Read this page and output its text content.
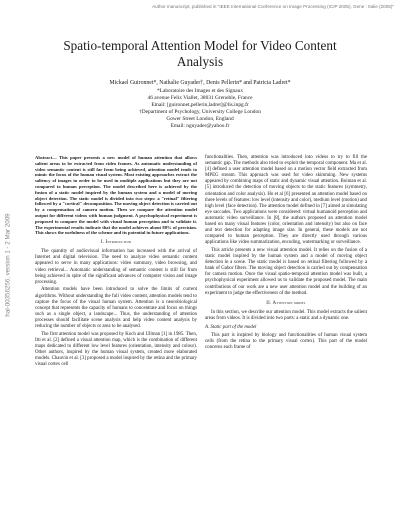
Author manuscript, published in "IEEE International Conference on Image Processing (ICIP 2005), Gene : Italie (2005)"
hal-00356256, version 1 - 2 Mar 2009
Spatio-temporal Attention Model for Video Content Analysis
Mickael Guironnet*, Nathalie Guyader†, Denis Pellerin* and Patricia Ladret*
*Laboratoire des Images et des Signaux
46 avenue Felix Viallet, 38031 Grenoble, France
Email: [guironnet,pellerin,ladret]@lis.inpg.fr
†Department of Psychology, University College London
Gower Street London, England
Email: nguyader@yahoo.fr

Abstract— This paper presents a new model of human attention that allows salient areas to be extracted from video frames. As automatic understanding of video semantic content is still far from being achieved, attention model tends to mimic the focus of the human visual system. Most existing approaches extract the saliency of images in order to be used in multiple applications but they are not compared to human perception. The model described here is achieved by the fusion of a static model inspired by the human system and a model of moving object detection. The static model is divided into two steps: a "retinal" filtering followed by a "cortical" decomposition. The moving object detection is carried out by a compensation of camera motion. Then we compare the attention model output for different videos with human judgment. A psychophysical experiment is proposed to compare the model with visual human perception and to validate it. The experimental results indicate that the model achieves about 88% of precision. This shows the usefulness of the scheme and its potential in future applications.

I. Introduction

The quantity of audiovisual information has increased with the arrival of Internet and digital television. The need to analyze video semantic content appeared to serve in many applications: video summary, video browsing, and video retrieval... Automatic understanding of semantic content is still far from being achieved in spite of the significant advances of computer vision and image processing.

Attention models have been introduced to solve the limits of current algorithms. Without understanding the full video content, attention models tend to capture the focus of the visual human system. Attention is a neurobiological concept that represents the capacity of humans to concentrate and focus on things such as a single object, a landscape... Thus, the understanding of attention processes should facilitate scene analysis and help video content analysis by reducing the number of objects or area to be analysed.

The first attention model was proposed by Koch and Ullman [1] in 1985. Then, Itti et al. [2] defined a visual attention map, which is the combination of different maps dedicated to different low level features (orientation, intensity and colour). Other authors, inspired by the human visual system, created more elaborated models. Chauvin et al. [3] proposed a model inspired by the retina and the primary visual cortex cell

functionalities. Then, attention was introduced into videos to try to fill the semantic gap. The methods also tried to exploit the temporal component. Ma et al. [4] defined a user attention model based on a motion vector field extracted from MPEG stream. This approach was used for video skimming. New systems appeared by combining maps of static and dynamic visual attention. Boiman et al. [5] introduced the detection of moving objects to the static features (symmetry, orientation and color analysis). Ho et al [6] presented an attention model based on three levels of features: low level (intensity and color), medium level (motion) and high level (face detection). The attention model defined in [7] aimed at simulating eye saccades. Two applications were considered: virtual humanoid perception and automatic video surveillance. In [8], the authors proposed an attention model based on many visual features (color, orientation and intensity) but also on face and text detection for adapting image size. In general, these models are not compared to human perception. They are directly used through various applications like video summarization, encoding, watermarking or surveillance.

This article presents a new visual attention model. It relies on the fusion of a static model inspired by the human system and a model of moving object detection in a scene. The static model is based on retinal filtering followed by a bank of Gabor filters. The moving object detection is carried out by compensation for camera motion. Once the visual spatio-temporal attention model was built, a psychophysical experiment allowed us to validate the proposed model. The main contributions of our work are a new user attention model and the building of an experiment to judge the effectiveness of the method.

II. Attention model

In this section, we describe our attention model. This model extracts the salient areas from videos. It is divided into two parts: a static and a dynamic one.

A. Static part of the model

This part is inspired by biology and functionalities of human visual system cells (from the retina to the primary visual cortex). This part of the model concerns each frame of
